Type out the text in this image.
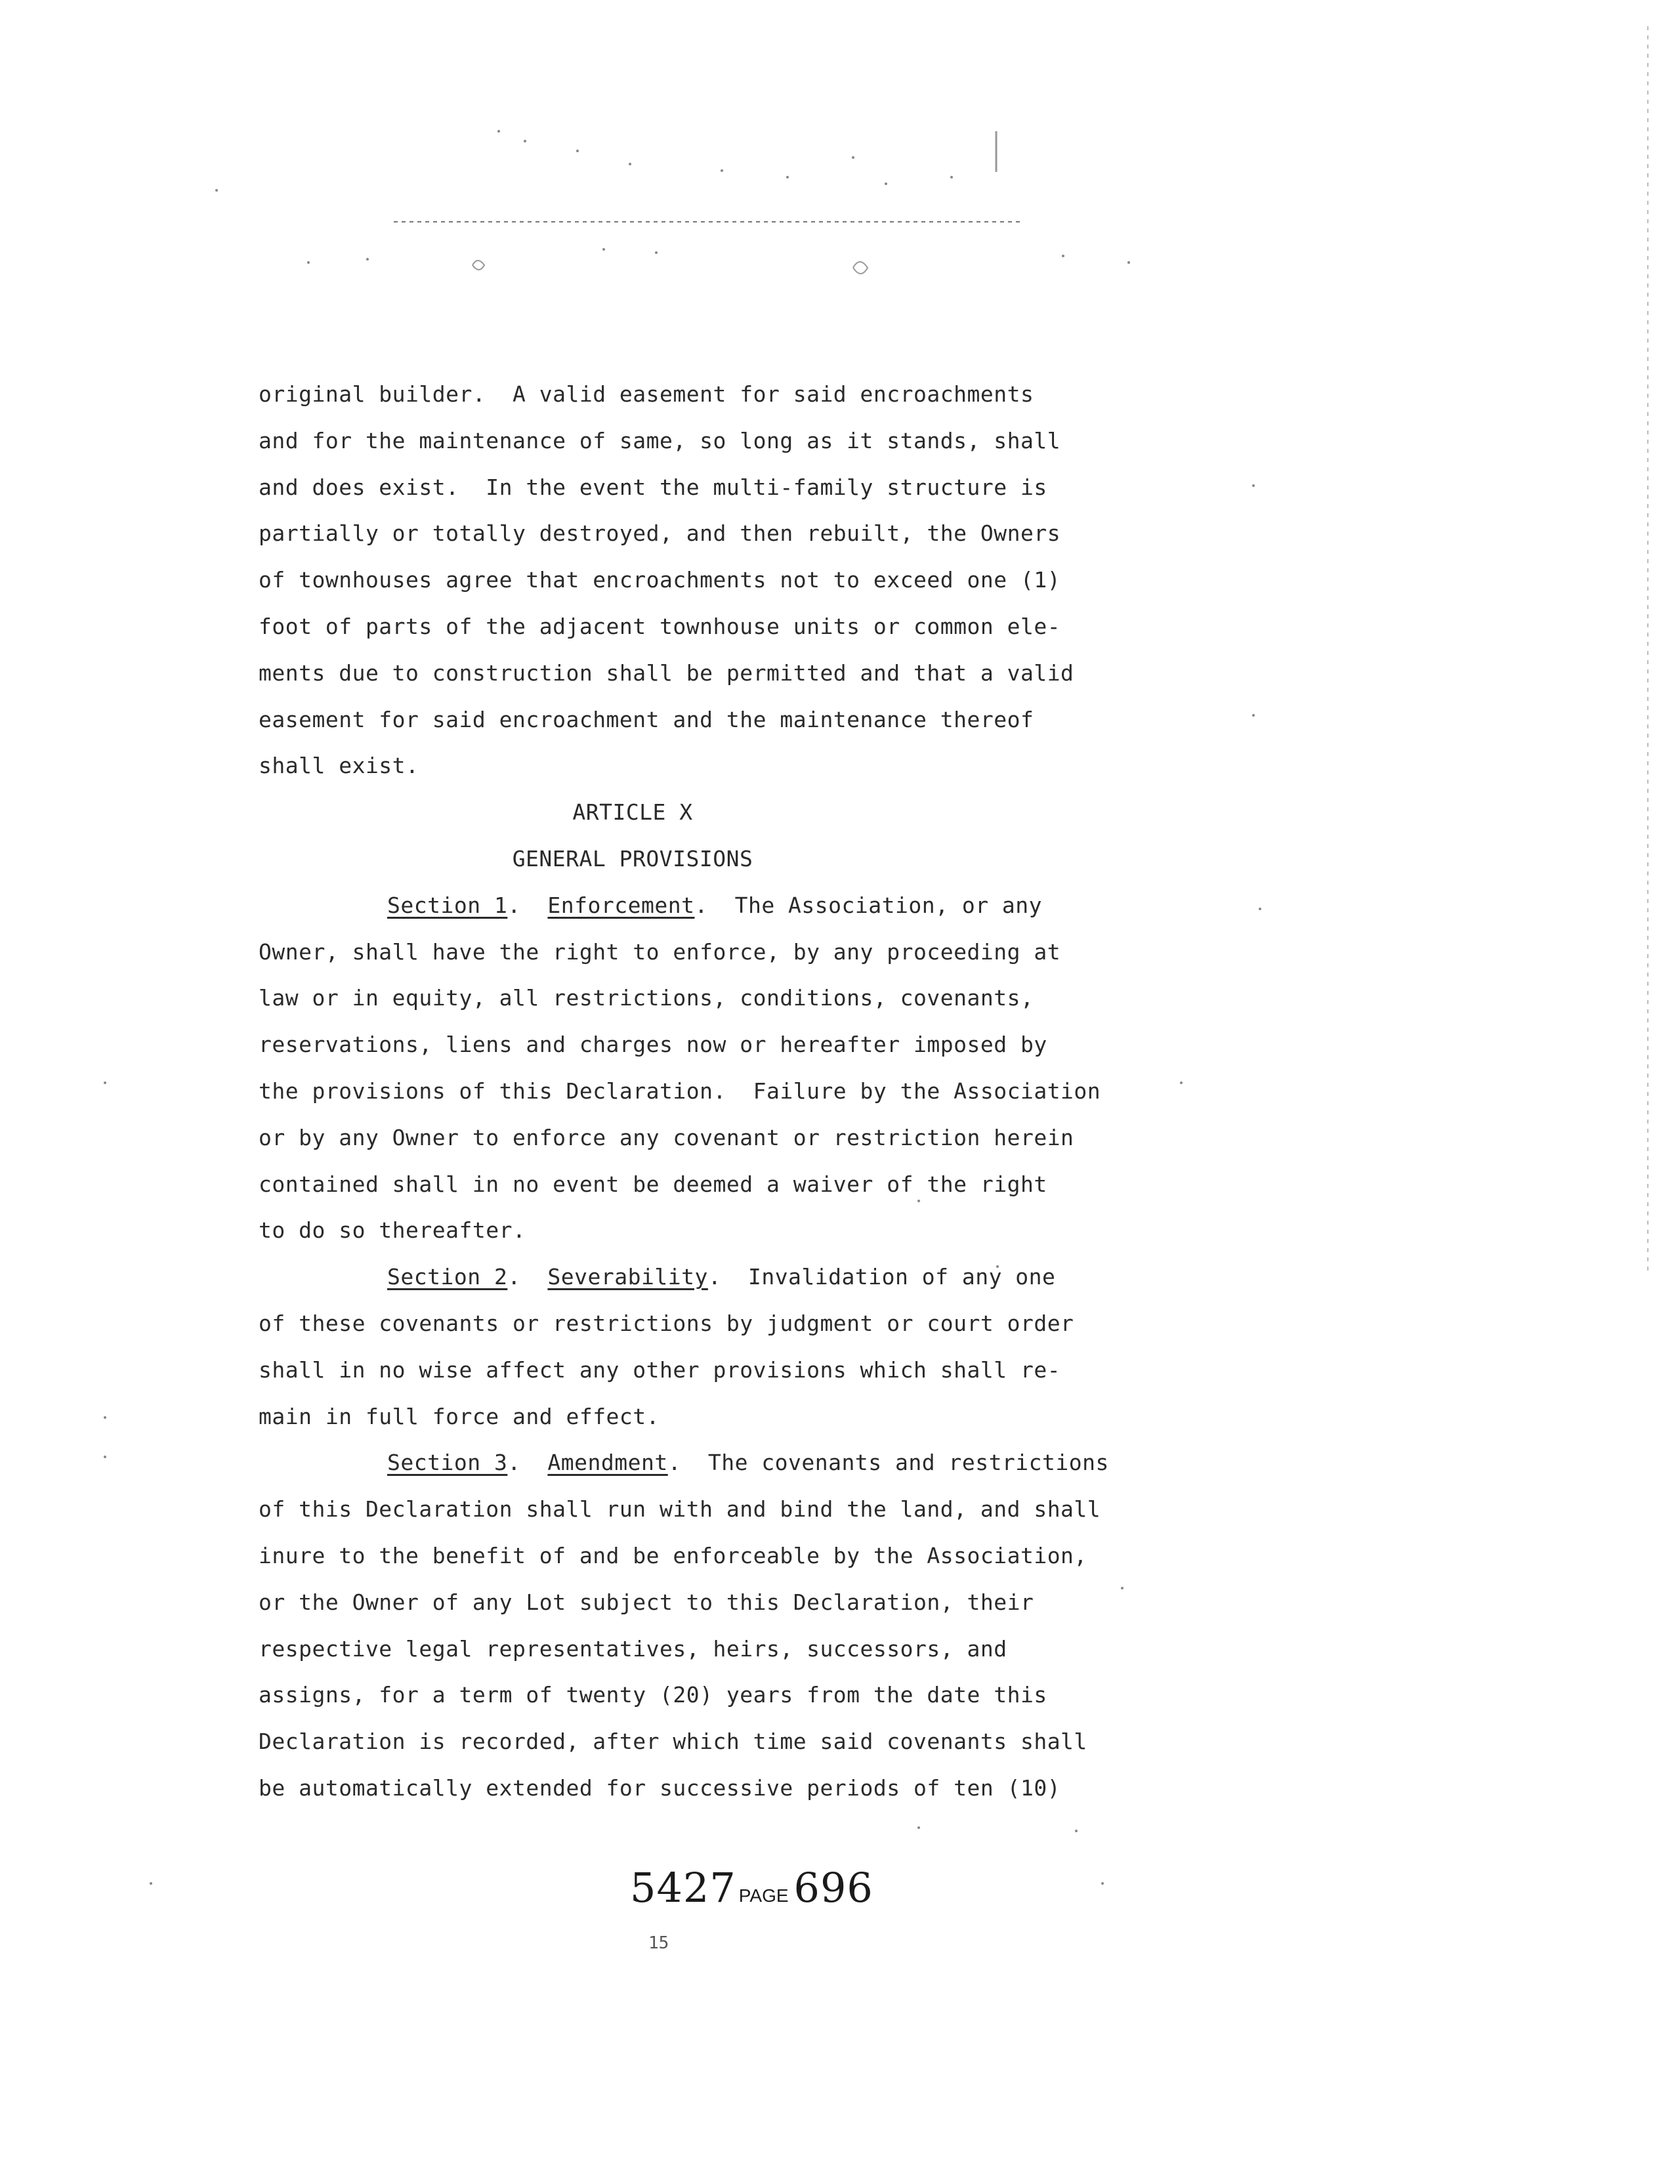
original builder.  A valid easement for said encroachments
and for the maintenance of same, so long as it stands, shall
and does exist.  In the event the multi-family structure is
partially or totally destroyed, and then rebuilt, the Owners
of townhouses agree that encroachments not to exceed one (1)
foot of parts of the adjacent townhouse units or common ele-
ments due to construction shall be permitted and that a valid
easement for said encroachment and the maintenance thereof
shall exist.
ARTICLE X
GENERAL PROVISIONS
Section 1.  Enforcement.  The Association, or any
Owner, shall have the right to enforce, by any proceeding at
law or in equity, all restrictions, conditions, covenants,
reservations, liens and charges now or hereafter imposed by
the provisions of this Declaration.  Failure by the Association
or by any Owner to enforce any covenant or restriction herein
contained shall in no event be deemed a waiver of the right
to do so thereafter.
Section 2.  Severability.  Invalidation of any one
of these covenants or restrictions by judgment or court order
shall in no wise affect any other provisions which shall re-
main in full force and effect.
Section 3.  Amendment.  The covenants and restrictions
of this Declaration shall run with and bind the land, and shall
inure to the benefit of and be enforceable by the Association,
or the Owner of any Lot subject to this Declaration, their
respective legal representatives, heirs, successors, and
assigns, for a term of twenty (20) years from the date this
Declaration is recorded, after which time said covenants shall
be automatically extended for successive periods of ten (10)
5427 PAGE 696
15
